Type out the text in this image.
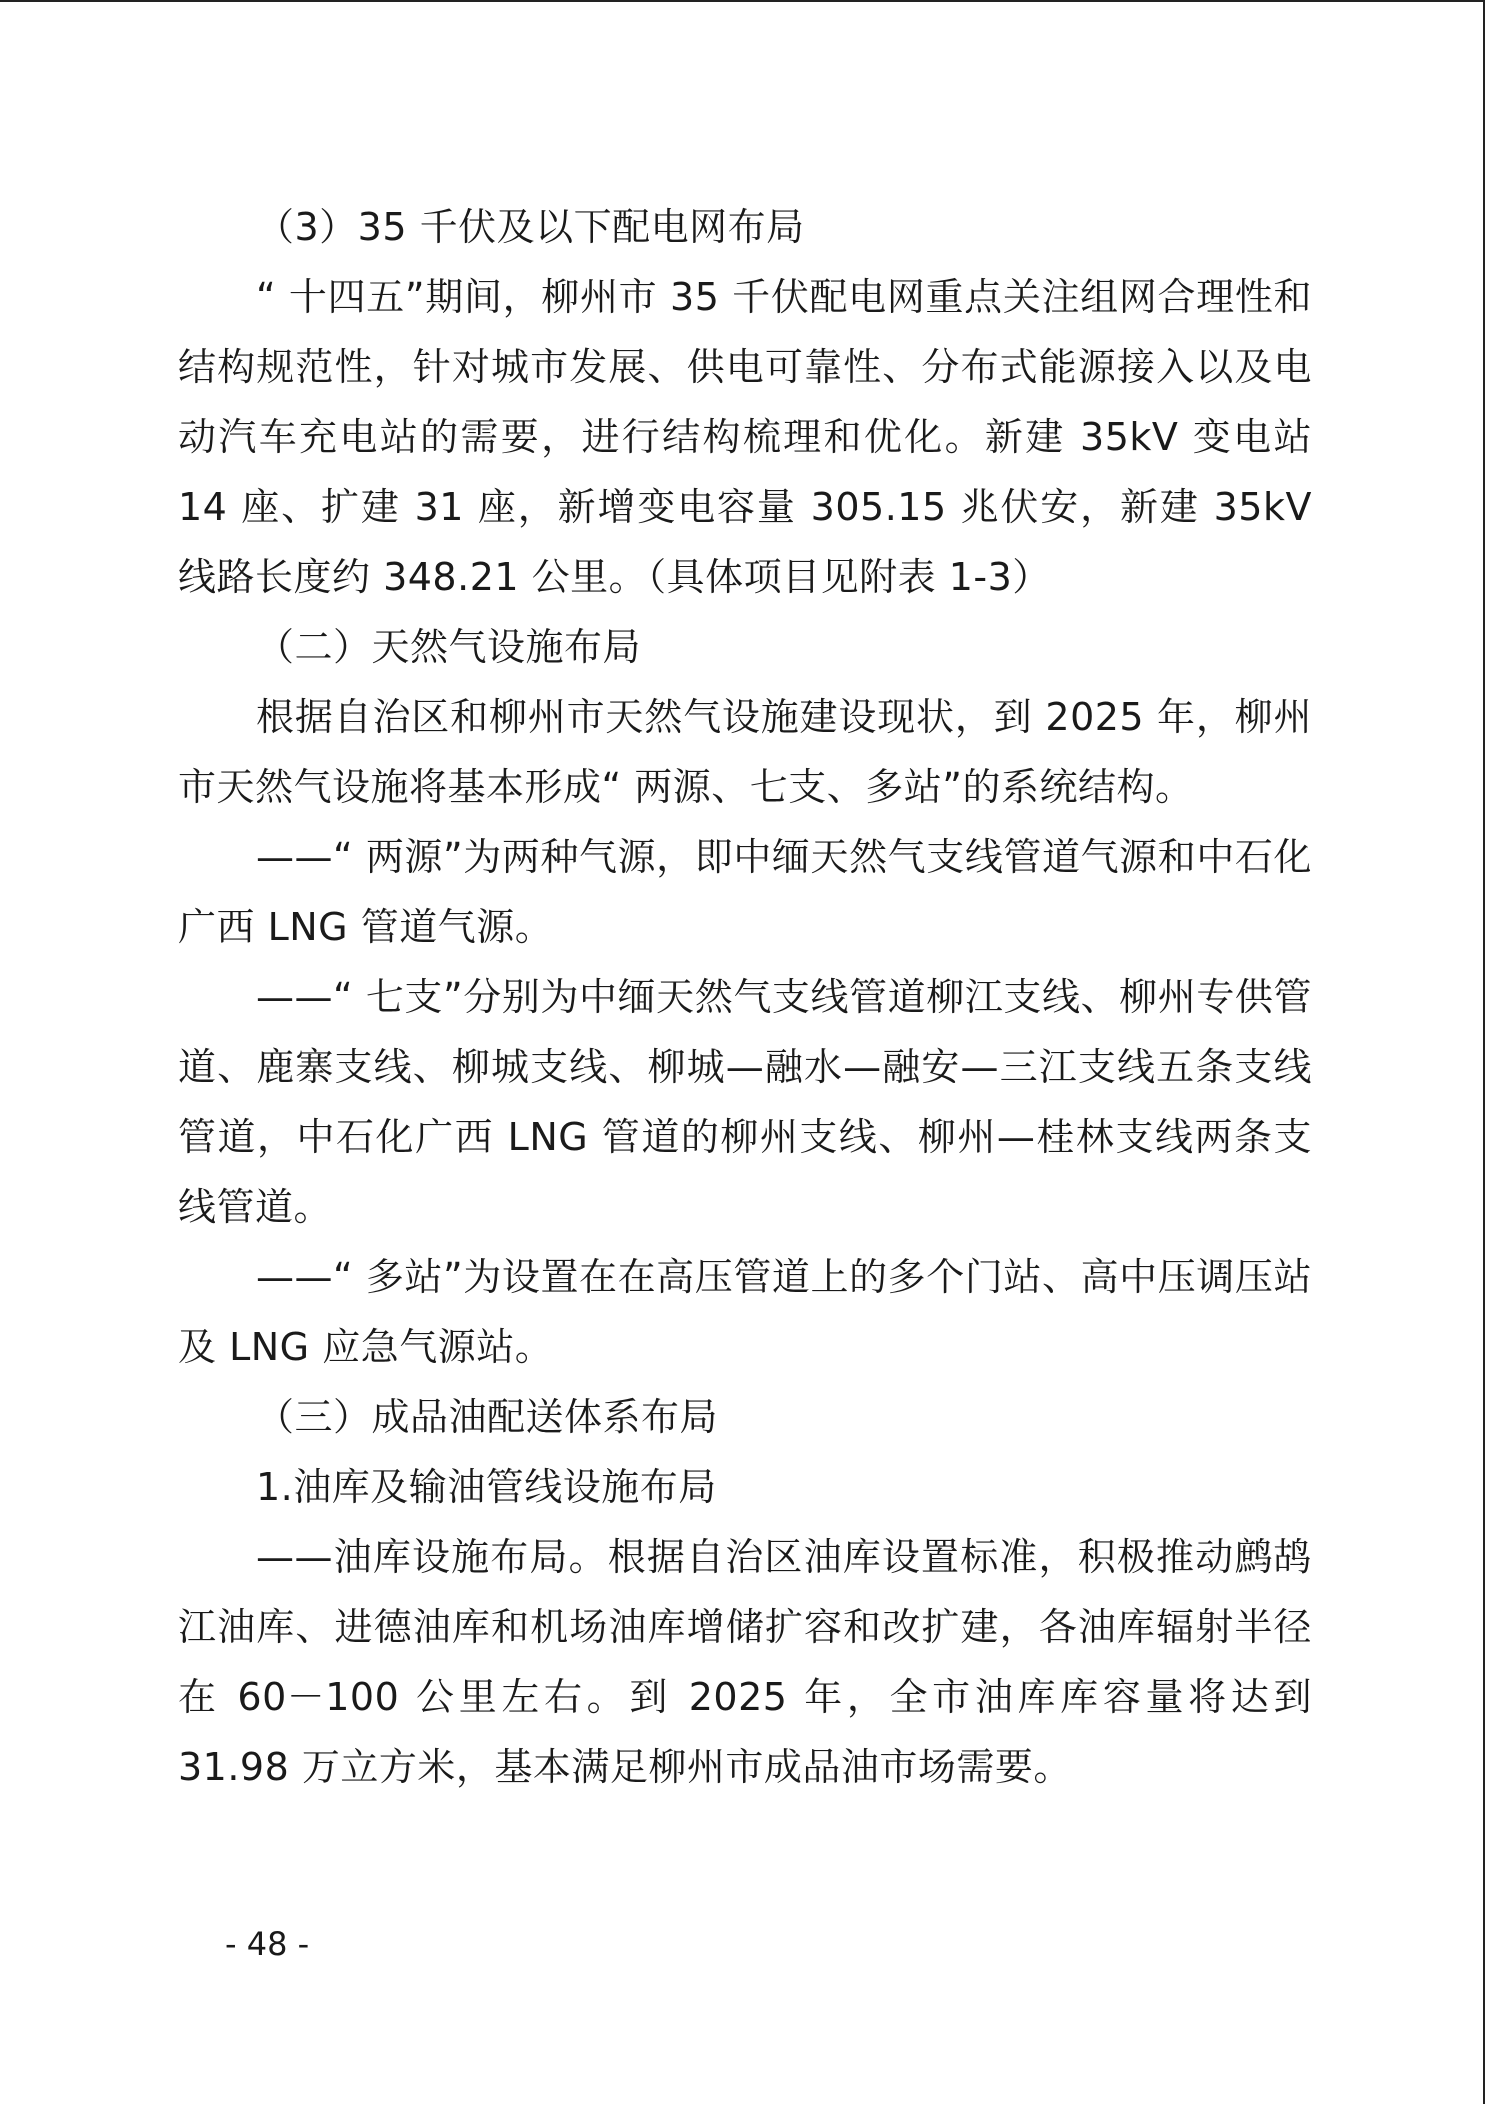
（3）35 千伏及以下配电网布局

“ 十四五”期间，柳州市 35 千伏配电网重点关注组网合理性和结构规范性，针对城市发展、供电可靠性、分布式能源接入以及电动汽车充电站的需要，进行结构梳理和优化。新建 35kV 变电站 14 座、扩建 31 座，新增变电容量 305.15 兆伏安，新建 35kV 线路长度约 348.21 公里。（具体项目见附表 1-3）

（二）天然气设施布局

根据自治区和柳州市天然气设施建设现状，到 2025 年，柳州市天然气设施将基本形成“ 两源、七支、多站”的系统结构。

——“ 两源”为两种气源，即中缅天然气支线管道气源和中石化广西 LNG 管道气源。

——“ 七支”分别为中缅天然气支线管道柳江支线、柳州专供管道、鹿寨支线、柳城支线、柳城—融水—融安—三江支线五条支线管道，中石化广西 LNG 管道的柳州支线、柳州—桂林支线两条支线管道。

——“ 多站”为设置在在高压管道上的多个门站、高中压调压站及 LNG 应急气源站。

（三）成品油配送体系布局

1.油库及输油管线设施布局

——油库设施布局。根据自治区油库设置标准，积极推动鹧鸪江油库、进德油库和机场油库增储扩容和改扩建，各油库辐射半径在 60－100 公里左右。到 2025 年，全市油库库容量将达到 31.98 万立方米，基本满足柳州市成品油市场需要。

- 48 -
